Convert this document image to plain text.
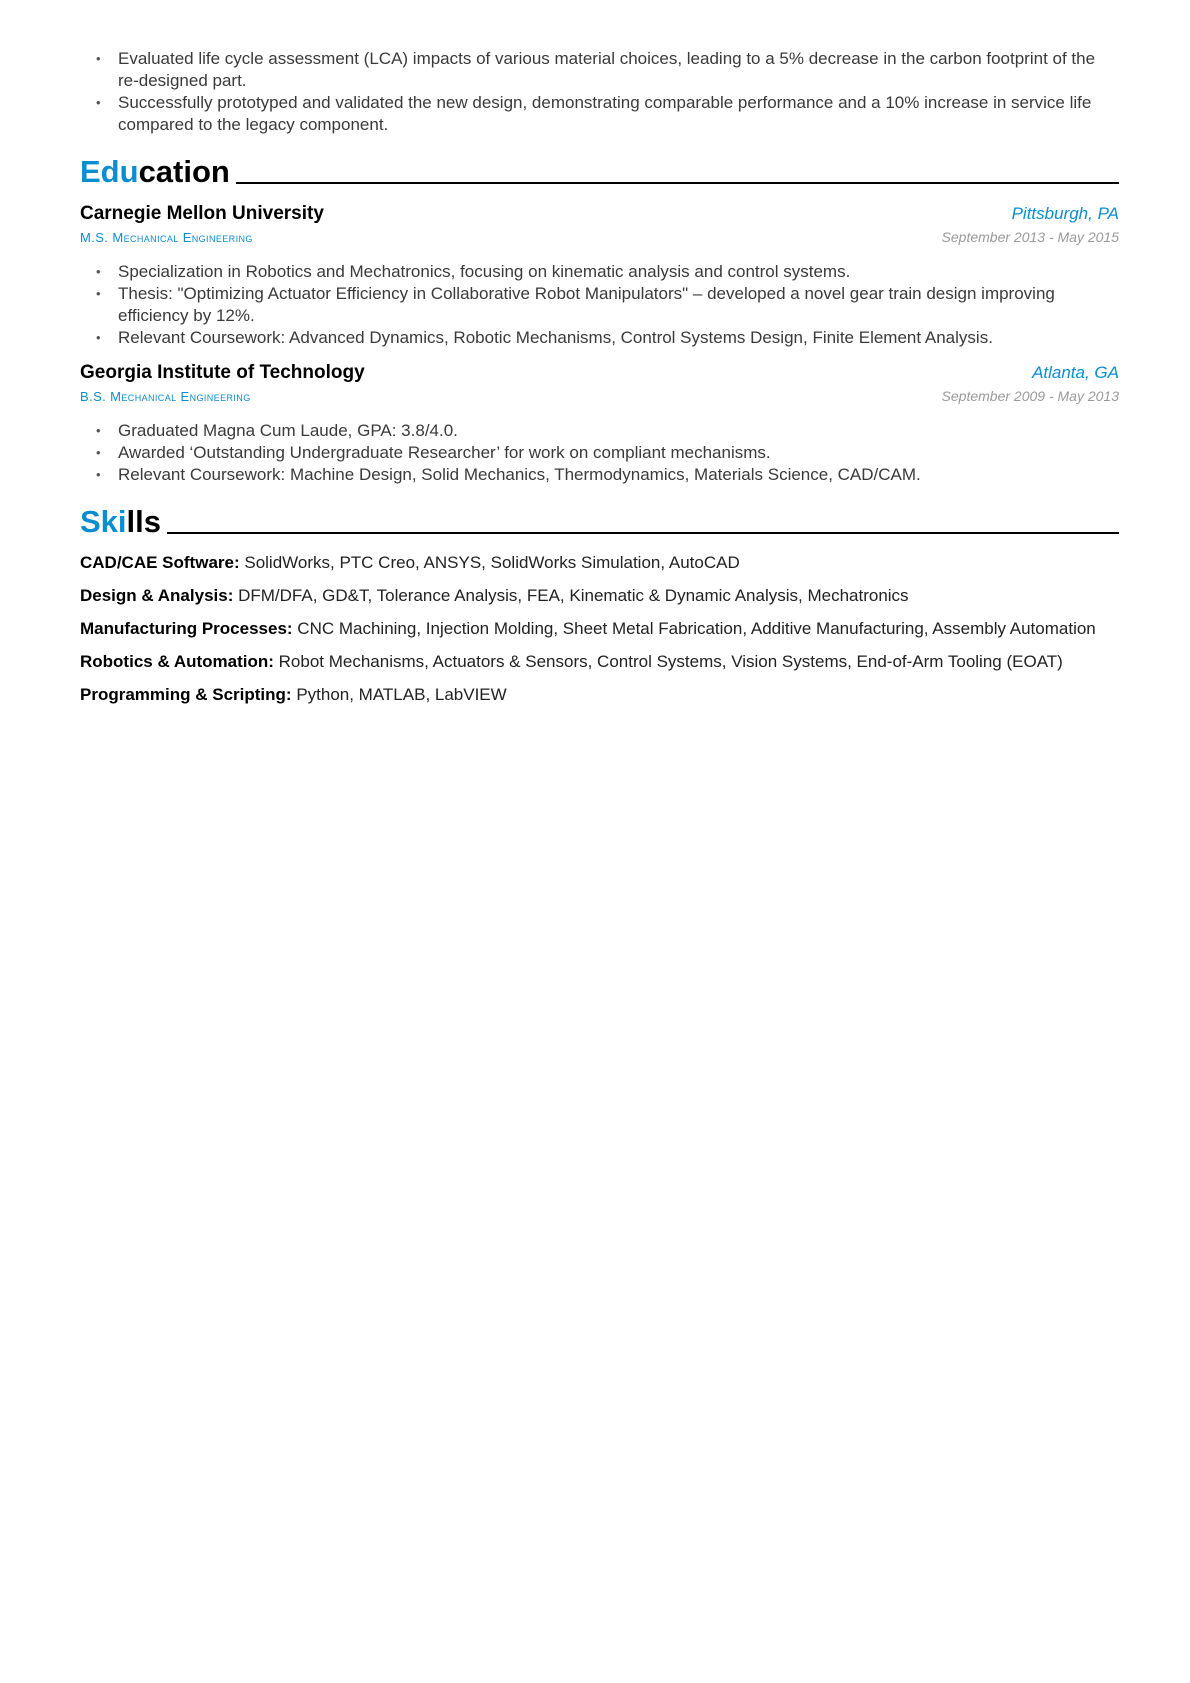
• Evaluated life cycle assessment (LCA) impacts of various material choices, leading to a 5% decrease in the carbon footprint of the re-designed part.
• Successfully prototyped and validated the new design, demonstrating comparable performance and a 10% increase in service life compared to the legacy component.
Education
Carnegie Mellon University	Pittsburgh, PA
M.S. Mechanical Engineering	September 2013 - May 2015
• Specialization in Robotics and Mechatronics, focusing on kinematic analysis and control systems.
• Thesis: "Optimizing Actuator Efficiency in Collaborative Robot Manipulators" – developed a novel gear train design improving efficiency by 12%.
• Relevant Coursework: Advanced Dynamics, Robotic Mechanisms, Control Systems Design, Finite Element Analysis.
Georgia Institute of Technology	Atlanta, GA
B.S. Mechanical Engineering	September 2009 - May 2013
• Graduated Magna Cum Laude, GPA: 3.8/4.0.
• Awarded ‘Outstanding Undergraduate Researcher’ for work on compliant mechanisms.
• Relevant Coursework: Machine Design, Solid Mechanics, Thermodynamics, Materials Science, CAD/CAM.
Skills
CAD/CAE Software: SolidWorks, PTC Creo, ANSYS, SolidWorks Simulation, AutoCAD
Design & Analysis: DFM/DFA, GD&T, Tolerance Analysis, FEA, Kinematic & Dynamic Analysis, Mechatronics
Manufacturing Processes: CNC Machining, Injection Molding, Sheet Metal Fabrication, Additive Manufacturing, Assembly Automation
Robotics & Automation: Robot Mechanisms, Actuators & Sensors, Control Systems, Vision Systems, End-of-Arm Tooling (EOAT)
Programming & Scripting: Python, MATLAB, LabVIEW
